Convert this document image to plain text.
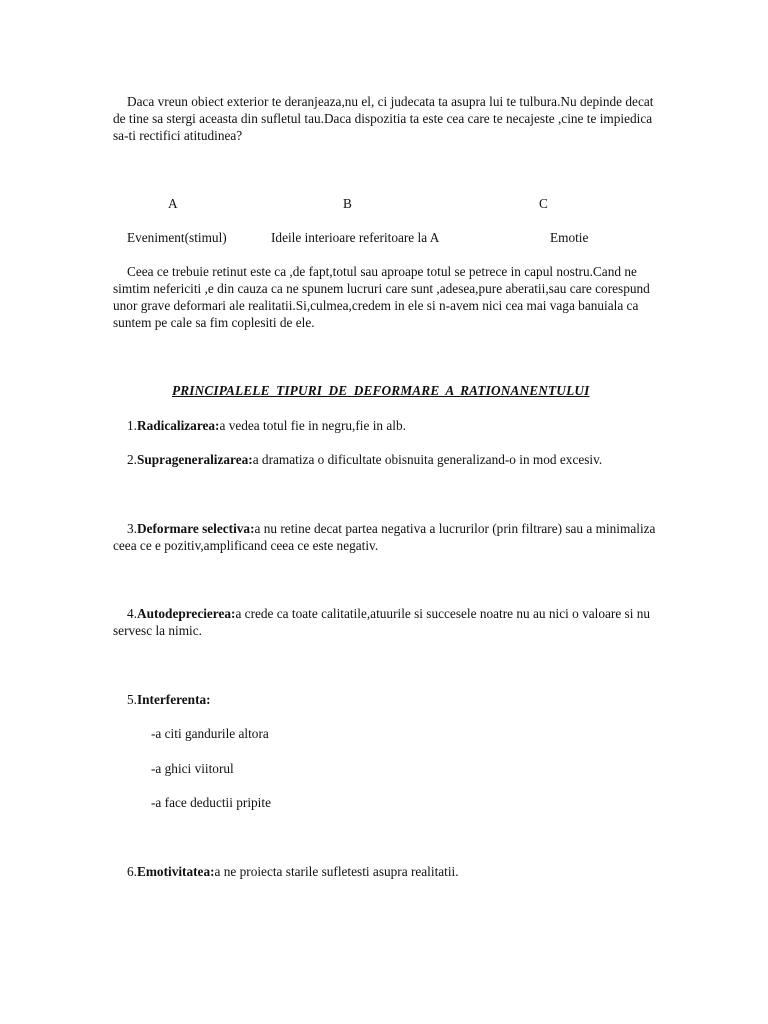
Daca vreun obiect exterior te deranjeaza,nu el, ci judecata ta asupra lui te tulbura.Nu depinde decat de tine sa stergi aceasta din sufletul tau.Daca dispozitia ta este cea care te necajeste ,cine te impiedica sa-ti rectifici atitudinea?

A	B	C
Eveniment(stimul)	Ideile interioare referitoare la A	Emotie

Ceea ce trebuie retinut este ca ,de fapt,totul sau aproape totul se petrece in capul nostru.Cand ne simtim nefericiti ,e din cauza ca ne spunem lucruri care sunt ,adesea,pure aberatii,sau care corespund unor grave deformari ale realitatii.Si,culmea,credem in ele si n-avem nici cea mai vaga banuiala ca suntem pe cale sa fim coplesiti de ele.

PRINCIPALELE TIPURI DE DEFORMARE A RATIONANENTULUI

1.Radicalizarea:a vedea totul fie in negru,fie in alb.

2.Suprageneralizarea:a dramatiza o dificultate obisnuita generalizand-o in mod excesiv.

3.Deformare selectiva:a nu retine decat partea negativa a lucrurilor (prin filtrare) sau a minimaliza ceea ce e pozitiv,amplificand ceea ce este negativ.

4.Autodeprecierea:a crede ca toate calitatile,atuurile si succesele noatre nu au nici o valoare si nu servesc la nimic.

5.Interferenta:

-a citi gandurile altora
-a ghici viitorul
-a face deductii pripite

6.Emotivitatea:a ne proiecta starile sufletesti asupra realitatii.
